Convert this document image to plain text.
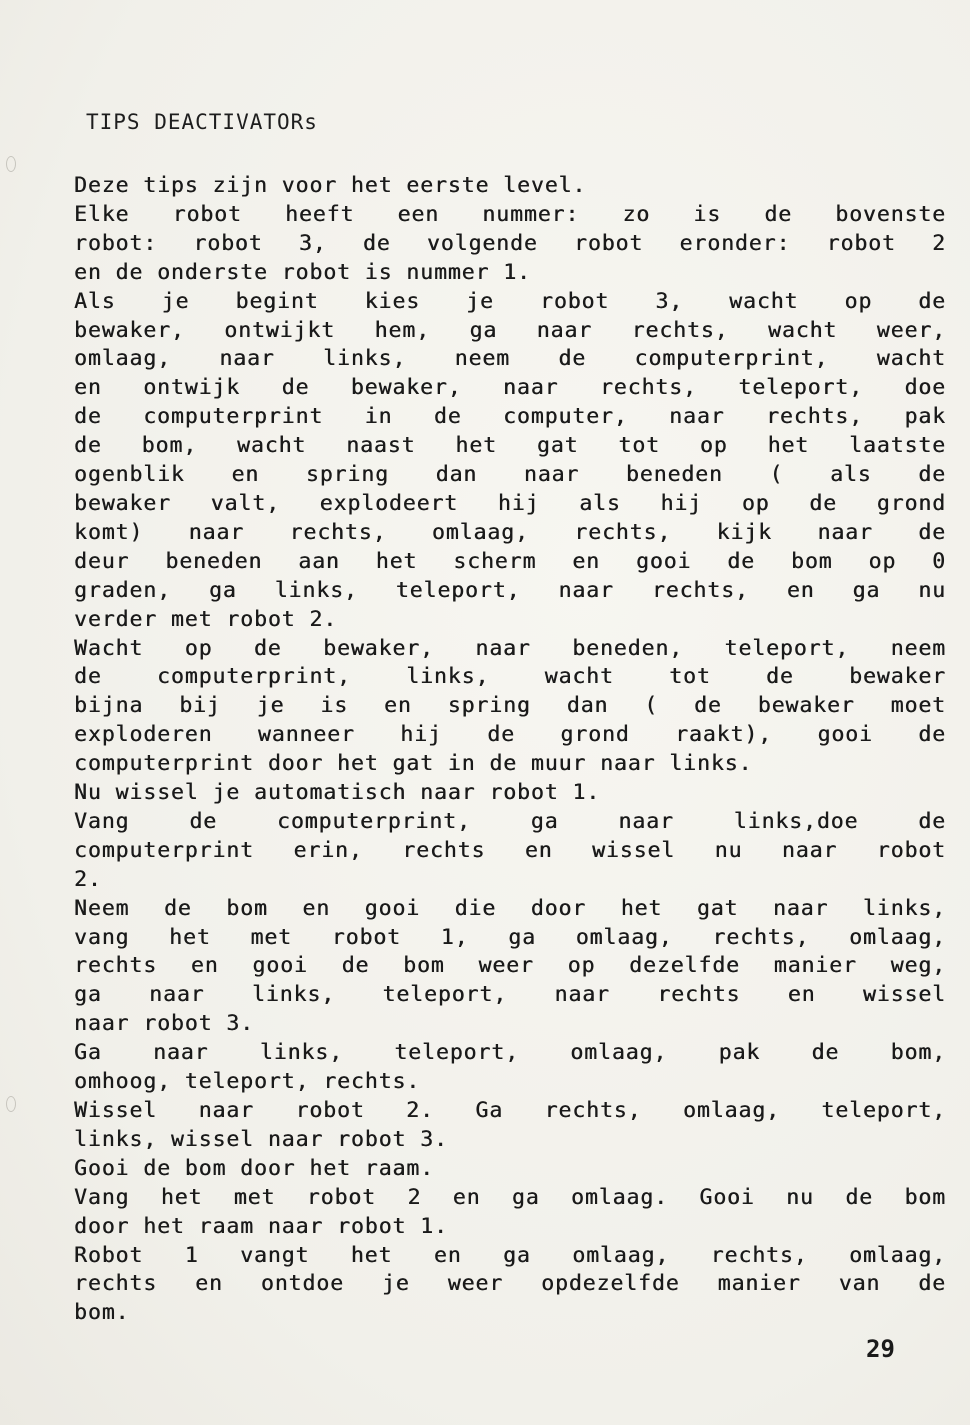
TIPS DEACTIVATORs
Deze tips zijn voor het eerste level.
Elke robot heeft een nummer: zo is de bovenste
robot: robot 3, de volgende robot eronder: robot 2
en de onderste robot is nummer 1.
Als je begint kies je robot 3, wacht op de
bewaker, ontwijkt hem, ga naar rechts, wacht weer,
omlaag, naar links, neem de computerprint, wacht
en ontwijk de bewaker, naar rechts, teleport, doe
de computerprint in de computer, naar rechts, pak
de bom, wacht naast het gat tot op het laatste
ogenblik en spring dan naar beneden ( als de
bewaker valt, explodeert hij als hij op de grond
komt) naar rechts, omlaag, rechts, kijk naar de
deur beneden aan het scherm en gooi de bom op 0
graden, ga links, teleport, naar rechts, en ga nu
verder met robot 2.
Wacht op de bewaker, naar beneden, teleport, neem
de computerprint, links, wacht tot de bewaker
bijna bij je is en spring dan ( de bewaker moet
exploderen wanneer hij de grond raakt), gooi de
computerprint door het gat in de muur naar links.
Nu wissel je automatisch naar robot 1.
Vang de computerprint, ga naar links,doe de
computerprint erin, rechts en wissel nu naar robot
2.
Neem de bom en gooi die door het gat naar links,
vang het met robot 1, ga omlaag, rechts, omlaag,
rechts en gooi de bom weer op dezelfde manier weg,
ga naar links, teleport, naar rechts en wissel
naar robot 3.
Ga naar links, teleport, omlaag, pak de bom,
omhoog, teleport, rechts.
Wissel naar robot 2. Ga rechts, omlaag, teleport,
links, wissel naar robot 3.
Gooi de bom door het raam.
Vang het met robot 2 en ga omlaag. Gooi nu de bom
door het raam naar robot 1.
Robot 1 vangt het en ga omlaag, rechts, omlaag,
rechts en ontdoe je weer opdezelfde manier van de
bom.
29
